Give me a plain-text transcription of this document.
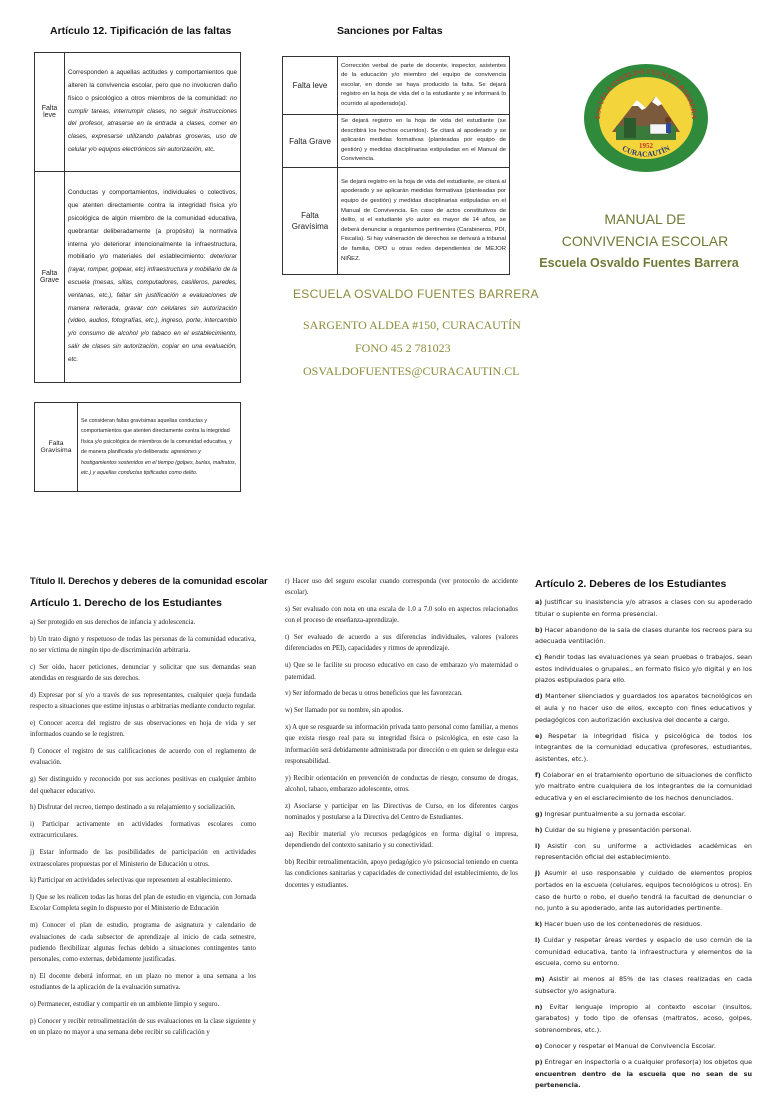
Artículo 12. Tipificación de las faltas
Falta leve	Corresponden a aquellas actitudes y comportamientos que alteren la convivencia escolar, pero que no involucren daño físico o psicológico a otros miembros de la comunidad: no cumplir tareas, interrumpir clases, no seguir instrucciones del profesor, atrasarse en la entrada a clases, comer en clases, expresarse utilizando palabras groseras, uso de celular y/o equipos electrónicos sin autorización, etc.
Falta Grave	Conductas y comportamientos, individuales o colectivos, que atenten directamente contra la integridad física y/o psicológica de algún miembro de la comunidad educativa, quebrantar deliberadamente (a propósito) la normativa interna y/o deteriorar intencionalmente la infraestructura, mobiliario y/o materiales del establecimiento: deteriorar (rayar, romper, golpear, etc) infraestructura y mobiliario de la escuela (mesas, sillas, computadores, casilleros, paredes, ventanas, etc.), faltar sin justificación a evaluaciones de manera reiterada, gravar con celulares sin autorización (video, audios, fotografías, etc.), ingreso, porte, intercambio y/o consumo de alcohol y/o tabaco en el establecimiento, salir de clases sin autorización, copiar en una evaluación, etc.
Falta Gravísima	Se consideran faltas gravísimas aquellas conductas y comportamientos que atenten directamente contra la integridad física y/o psicológica de miembros de la comunidad educativa, y de manera planificada y/o deliberada: agresiones y hostigamientos sostenidos en el tiempo (golpes, burlas, maltratos, etc.) y aquellas conductas tipificadas como delito.
Sanciones por Faltas
Falta leve	Corrección verbal de parte de docente, inspector, asistentes de la educación y/o miembro del equipo de convivencia escolar, en donde se haya producido la falta. Se dejará registro en la hoja de vida del o la estudiante y se informará lo ocurrido al apoderado(a).
Falta Grave	Se dejará registro en la hoja de vida del estudiante (se describirá los hechos ocurridos). Se citará al apoderado y se aplicarán medidas formativas (planteadas por equipo de gestión) y medidas disciplinarias estipuladas en el Manual de Convivencia.
Falta Gravísima	Se dejará registro en la hoja de vida del estudiante, se citará al apoderado y se aplicarán medidas formativas (planteadas por equipo de gestión) y medidas disciplinarias estipuladas en el Manual de Convivencia. En caso de actos constitutivos de delito, si el estudiante y/o autor es mayor de 14 años, se deberá denunciar a organismos pertinentes (Carabineros, PDI, Fiscalía). Si hay vulneración de derechos se derivará a tribunal de familia, OPD u otras redes dependientes de MEJOR NIÑEZ.
ESCUELA OSVALDO FUENTES BARRERA
SARGENTO ALDEA #150, CURACAUTÍN
FONO 45 2 781023
OSVALDOFUENTES@CURACAUTIN.CL
ESCUELA OSVALDO FUENTES BARRERA
CURACAUTÍN
1952
MANUAL DE
CONVIVENCIA ESCOLAR
Escuela Osvaldo Fuentes Barrera
Título II. Derechos y deberes de la comunidad escolar
Artículo 1. Derecho de los Estudiantes

a) Ser protegido en sus derechos de infancia y adolescencia.

b) Un trato digno y respetuoso de todas las personas de la comunidad educativa, no ser víctima de ningún tipo de discriminación arbitraria.

c) Ser oído, hacer peticiones, denunciar y solicitar que sus demandas sean atendidas en resguardo de sus derechos.

d) Expresar por sí y/o a través de sus representantes, cualquier queja fundada respecto a situaciones que estime injustas o arbitrarias mediante conducto regular.

e) Conocer acerca del registro de sus observaciones en hoja de vida y ser informados cuando se le registren.

f) Conocer el registro de sus calificaciones de acuerdo con el reglamento de evaluación.

g) Ser distinguido y reconocido por sus acciones positivas en cualquier ámbito del quehacer educativo.

h) Disfrutar del recreo, tiempo destinado a su relajamiento y socialización.

i) Participar activamente en actividades formativas escolares como extracurriculares.

j) Estar informado de las posibilidades de participación en actividades extraescolares propuestas por el Ministerio de Educación u otros.

k) Participar en actividades selectivas que representen al establecimiento.

l) Que se les realicen todas las horas del plan de estudio en vigencia, con Jornada Escolar Completa según lo dispuesto por el Ministerio de Educación

m) Conocer el plan de estudio, programa de asignatura y calendario de evaluaciones de cada subsector de aprendizaje al inicio de cada semestre, pudiendo flexibilizar algunas fechas debido a situaciones contingentes tanto personales, como externas, debidamente justificadas.

n) El docente deberá informar, en un plazo no menor a una semana a los estudiantes de la aplicación de la evaluación sumativa.

o) Permanecer, estudiar y compartir en un ambiente limpio y seguro.

p) Conocer y recibir retroalimentación de sus evaluaciones en la clase siguiente y en un plazo no mayor a una semana debe recibir su calificación y

r) Hacer uso del seguro escolar cuando corresponda (ver protocolo de accidente escolar).

s) Ser evaluado con nota en una escala de 1.0 a 7.0 solo en aspectos relacionados con el proceso de enseñanza-aprendizaje.

t) Ser evaluado de acuerdo a sus diferencias individuales, valores (valores diferenciados en PEI), capacidades y ritmos de aprendizaje.

u) Que se le facilite su proceso educativo en caso de embarazo y/o maternidad o paternidad.

v) Ser informado de becas u otros beneficios que les favorezcan.

w) Ser llamado por su nombre, sin apodos.

x) A que se resguarde su información privada tanto personal como familiar, a menos que exista riesgo real para su integridad física o psicológica, en este caso la información será debidamente administrada por dirección o en quien se delegue esta responsabilidad.

y) Recibir orientación en prevención de conductas de riesgo, consumo de drogas, alcohol, tabaco, embarazo adolescente, otros.

z) Asociarse y participar en las Directivas de Curso, en los diferentes cargos nominados y postularse a la Directiva del Centro de Estudiantes.

aa) Recibir material y/o recursos pedagógicos en forma digital o impresa, dependiendo del contexto sanitario y su conectividad.

bb) Recibir retroalimentación, apoyo pedagógico y/o psicosocial teniendo en cuenta las condiciones sanitarias y capacidades de conectividad del establecimiento, de los docentes y estudiantes.

Artículo 2. Deberes de los Estudiantes

a) Justificar su inasistencia y/o atrasos a clases con su apoderado titular o suplente en forma presencial.

b) Hacer abandono de la sala de clases durante los recreos para su adecuada ventilación.

c) Rendir todas las evaluaciones ya sean pruebas o trabajos, sean estos individuales o grupales., en formato físico y/o digital y en los plazos estipulados para ello.

d) Mantener silenciados y guardados los aparatos tecnológicos en el aula y no hacer uso de ellos, excepto con fines educativos y pedagógicos con autorización exclusiva del docente a cargo.

e) Respetar la integridad física y psicológica de todos los integrantes de la comunidad educativa (profesores, estudiantes, asistentes, etc.).

f) Colaborar en el tratamiento oportuno de situaciones de conflicto y/o maltrato entre cualquiera de los integrantes de la comunidad educativa y en el esclarecimiento de los hechos denunciados.

g) Ingresar puntualmente a su jornada escolar.

h) Cuidar de su higiene y presentación personal.

i) Asistir con su uniforme a actividades académicas en representación oficial del establecimiento.

j) Asumir el uso responsable y cuidado de elementos propios portados en la escuela (celulares, equipos tecnológicos u otros). En caso de hurto o robo, el dueño tendrá la facultad de denunciar o no, junto a su apoderado, ante las autoridades pertinente.

k) Hacer buen uso de los contenedores de residuos.

l) Cuidar y respetar áreas verdes y espacio de uso común de la comunidad educativa, tanto la infraestructura y elementos de la escuela, como su entorno.

m) Asistir al menos al 85% de las clases realizadas en cada subsector y/o asignatura.

n) Evitar lenguaje impropio al contexto escolar (insultos, garabatos) y todo tipo de ofensas (maltratos, acoso, golpes, sobrenombres, etc.).

o) Conocer y respetar el Manual de Convivencia Escolar.

p) Entregar en inspectoría o a cualquier profesor(a) los objetos que encuentren dentro de la escuela que no sean de su pertenencia.
